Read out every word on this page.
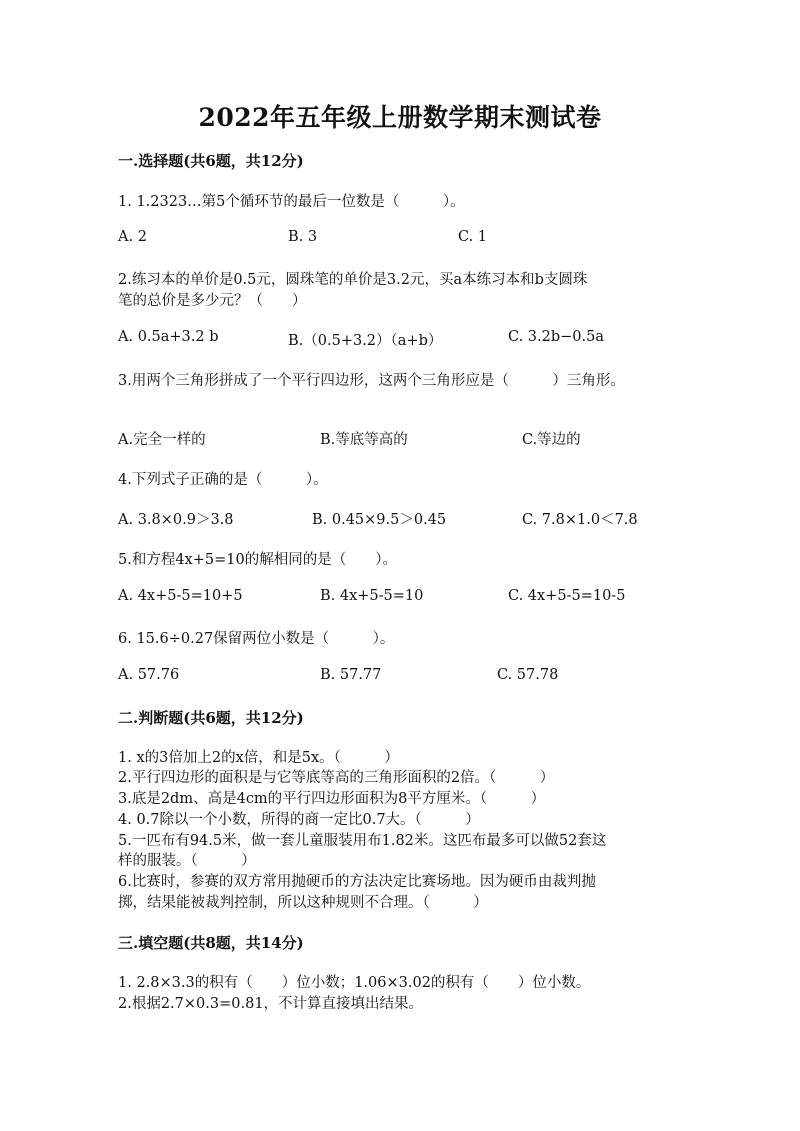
2022年五年级上册数学期末测试卷
一.选择题(共6题，共12分)
1. 1.2323…第5个循环节的最后一位数是（　　　）。
A. 2	B. 3	C. 1
2.练习本的单价是0.5元，圆珠笔的单价是3.2元，买a本练习本和b支圆珠
笔的总价是多少元？（　　）
A. 0.5a+3.2 b	B.（0.5+3.2）（a+b）	C. 3.2b−0.5a
3.用两个三角形拼成了一个平行四边形，这两个三角形应是（　　　）三角形。
A.完全一样的	B.等底等高的	C.等边的
4.下列式子正确的是（　　　）。
A. 3.8×0.9＞3.8	B. 0.45×9.5＞0.45	C. 7.8×1.0＜7.8
5.和方程4x+5=10的解相同的是（　　）。
A. 4x+5-5=10+5	B. 4x+5-5=10	C. 4x+5-5=10-5
6. 15.6÷0.27保留两位小数是（　　　）。
A. 57.76	B. 57.77	C. 57.78
二.判断题(共6题，共12分)
1. x的3倍加上2的x倍，和是5x。（　　　）
2.平行四边形的面积是与它等底等高的三角形面积的2倍。（　　　）
3.底是2dm、高是4cm的平行四边形面积为8平方厘米。（　　　）
4. 0.7除以一个小数，所得的商一定比0.7大。（　　　）
5.一匹布有94.5米，做一套儿童服装用布1.82米。这匹布最多可以做52套这
样的服装。（　　　）
6.比赛时，参赛的双方常用抛硬币的方法决定比赛场地。因为硬币由裁判抛
掷，结果能被裁判控制，所以这种规则不合理。（　　　）
三.填空题(共8题，共14分)
1. 2.8×3.3的积有（　　）位小数；1.06×3.02的积有（　　）位小数。
2.根据2.7×0.3=0.81，不计算直接填出结果。
